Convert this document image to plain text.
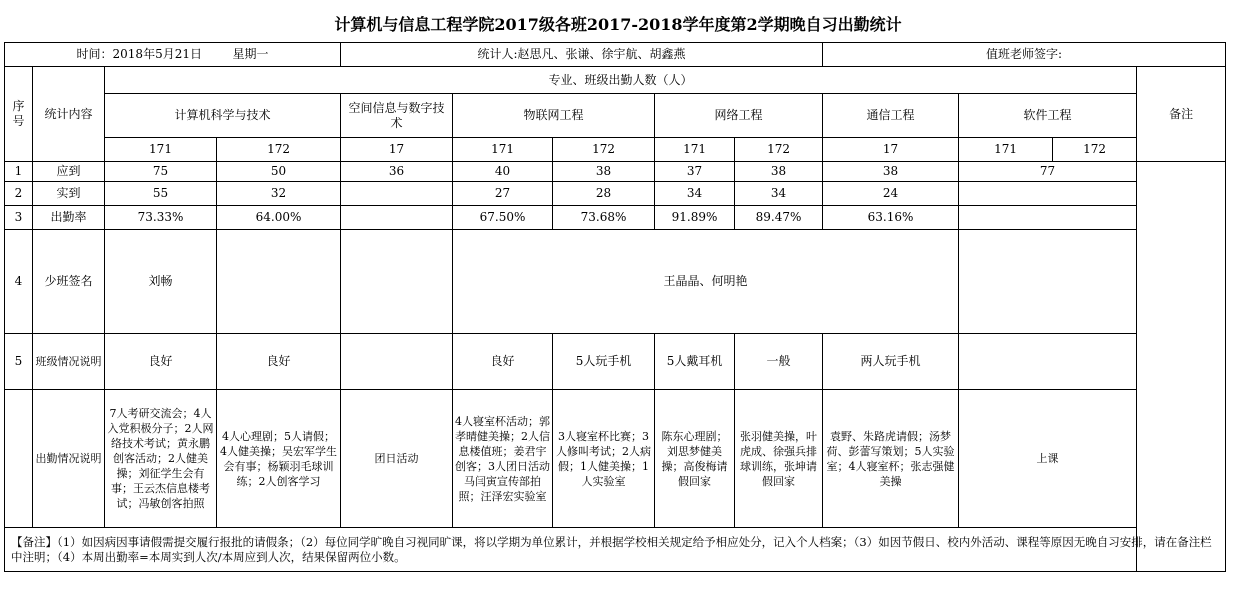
计算机与信息工程学院2017级各班2017-2018学年度第2学期晚自习出勤统计
时间：2018年5月21日 星期一				统计人:赵思凡、张谦、徐宇航、胡鑫燕					值班老师签字:			
序号	统计内容	专业、班级出勤人数（人）										备注
		计算机科学与技术		空间信息与数字技术	物联网工程		网络工程		通信工程	软件工程		
		171	172	17	171	172	171	172	17	171	172	
1	应到	75	50	36	40	38	37	38	38	77		
2	实到	55	32		27	28	34	34	24			
3	出勤率	73.33%	64.00%		67.50%	73.68%	91.89%	89.47%	63.16%			
4	少班签名	刘畅			王晶晶、何明艳							
5	班级情况说明	良好	良好		良好	5人玩手机	5人戴耳机	一般	两人玩手机			
	出勤情况说明	7人考研交流会；4人入党积极分子；2人网络技术考试；黄永鹏创客活动；2人健美操；刘征学生会有事；王云杰信息楼考试；冯敏创客拍照	4人心理剧；5人请假；4人健美操；吴宏军学生会有事；杨颖羽毛球训练；2人创客学习	团日活动	4人寝室杯活动；郭孝晴健美操；2人信息楼值班；姜君宇创客；3人团日活动马闫寅宣传部拍照；汪泽宏实验室	3人寝室杯比赛；3人修叫考试；2人病假；1人健美操；1人实验室	陈东心理剧；刘思梦健美操；高俊梅请假回家	张羽健美操，叶虎成、徐强兵排球训练，张坤请假回家	袁野、朱路虎请假；汤梦荷、彭蕾写策划；5人实验室；4人寝室杯；张志强健美操	上课		
【备注】（1）如因病因事请假需提交履行报批的请假条；（2）每位同学旷晚自习视同旷课，将以学期为单位累计，并根据学校相关规定给予相应处分，记入个人档案；（3）如因节假日、校内外活动、课程等原因无晚自习安排，请在备注栏中注明；（4）本周出勤率=本周实到人次/本周应到人次，结果保留两位小数。												
